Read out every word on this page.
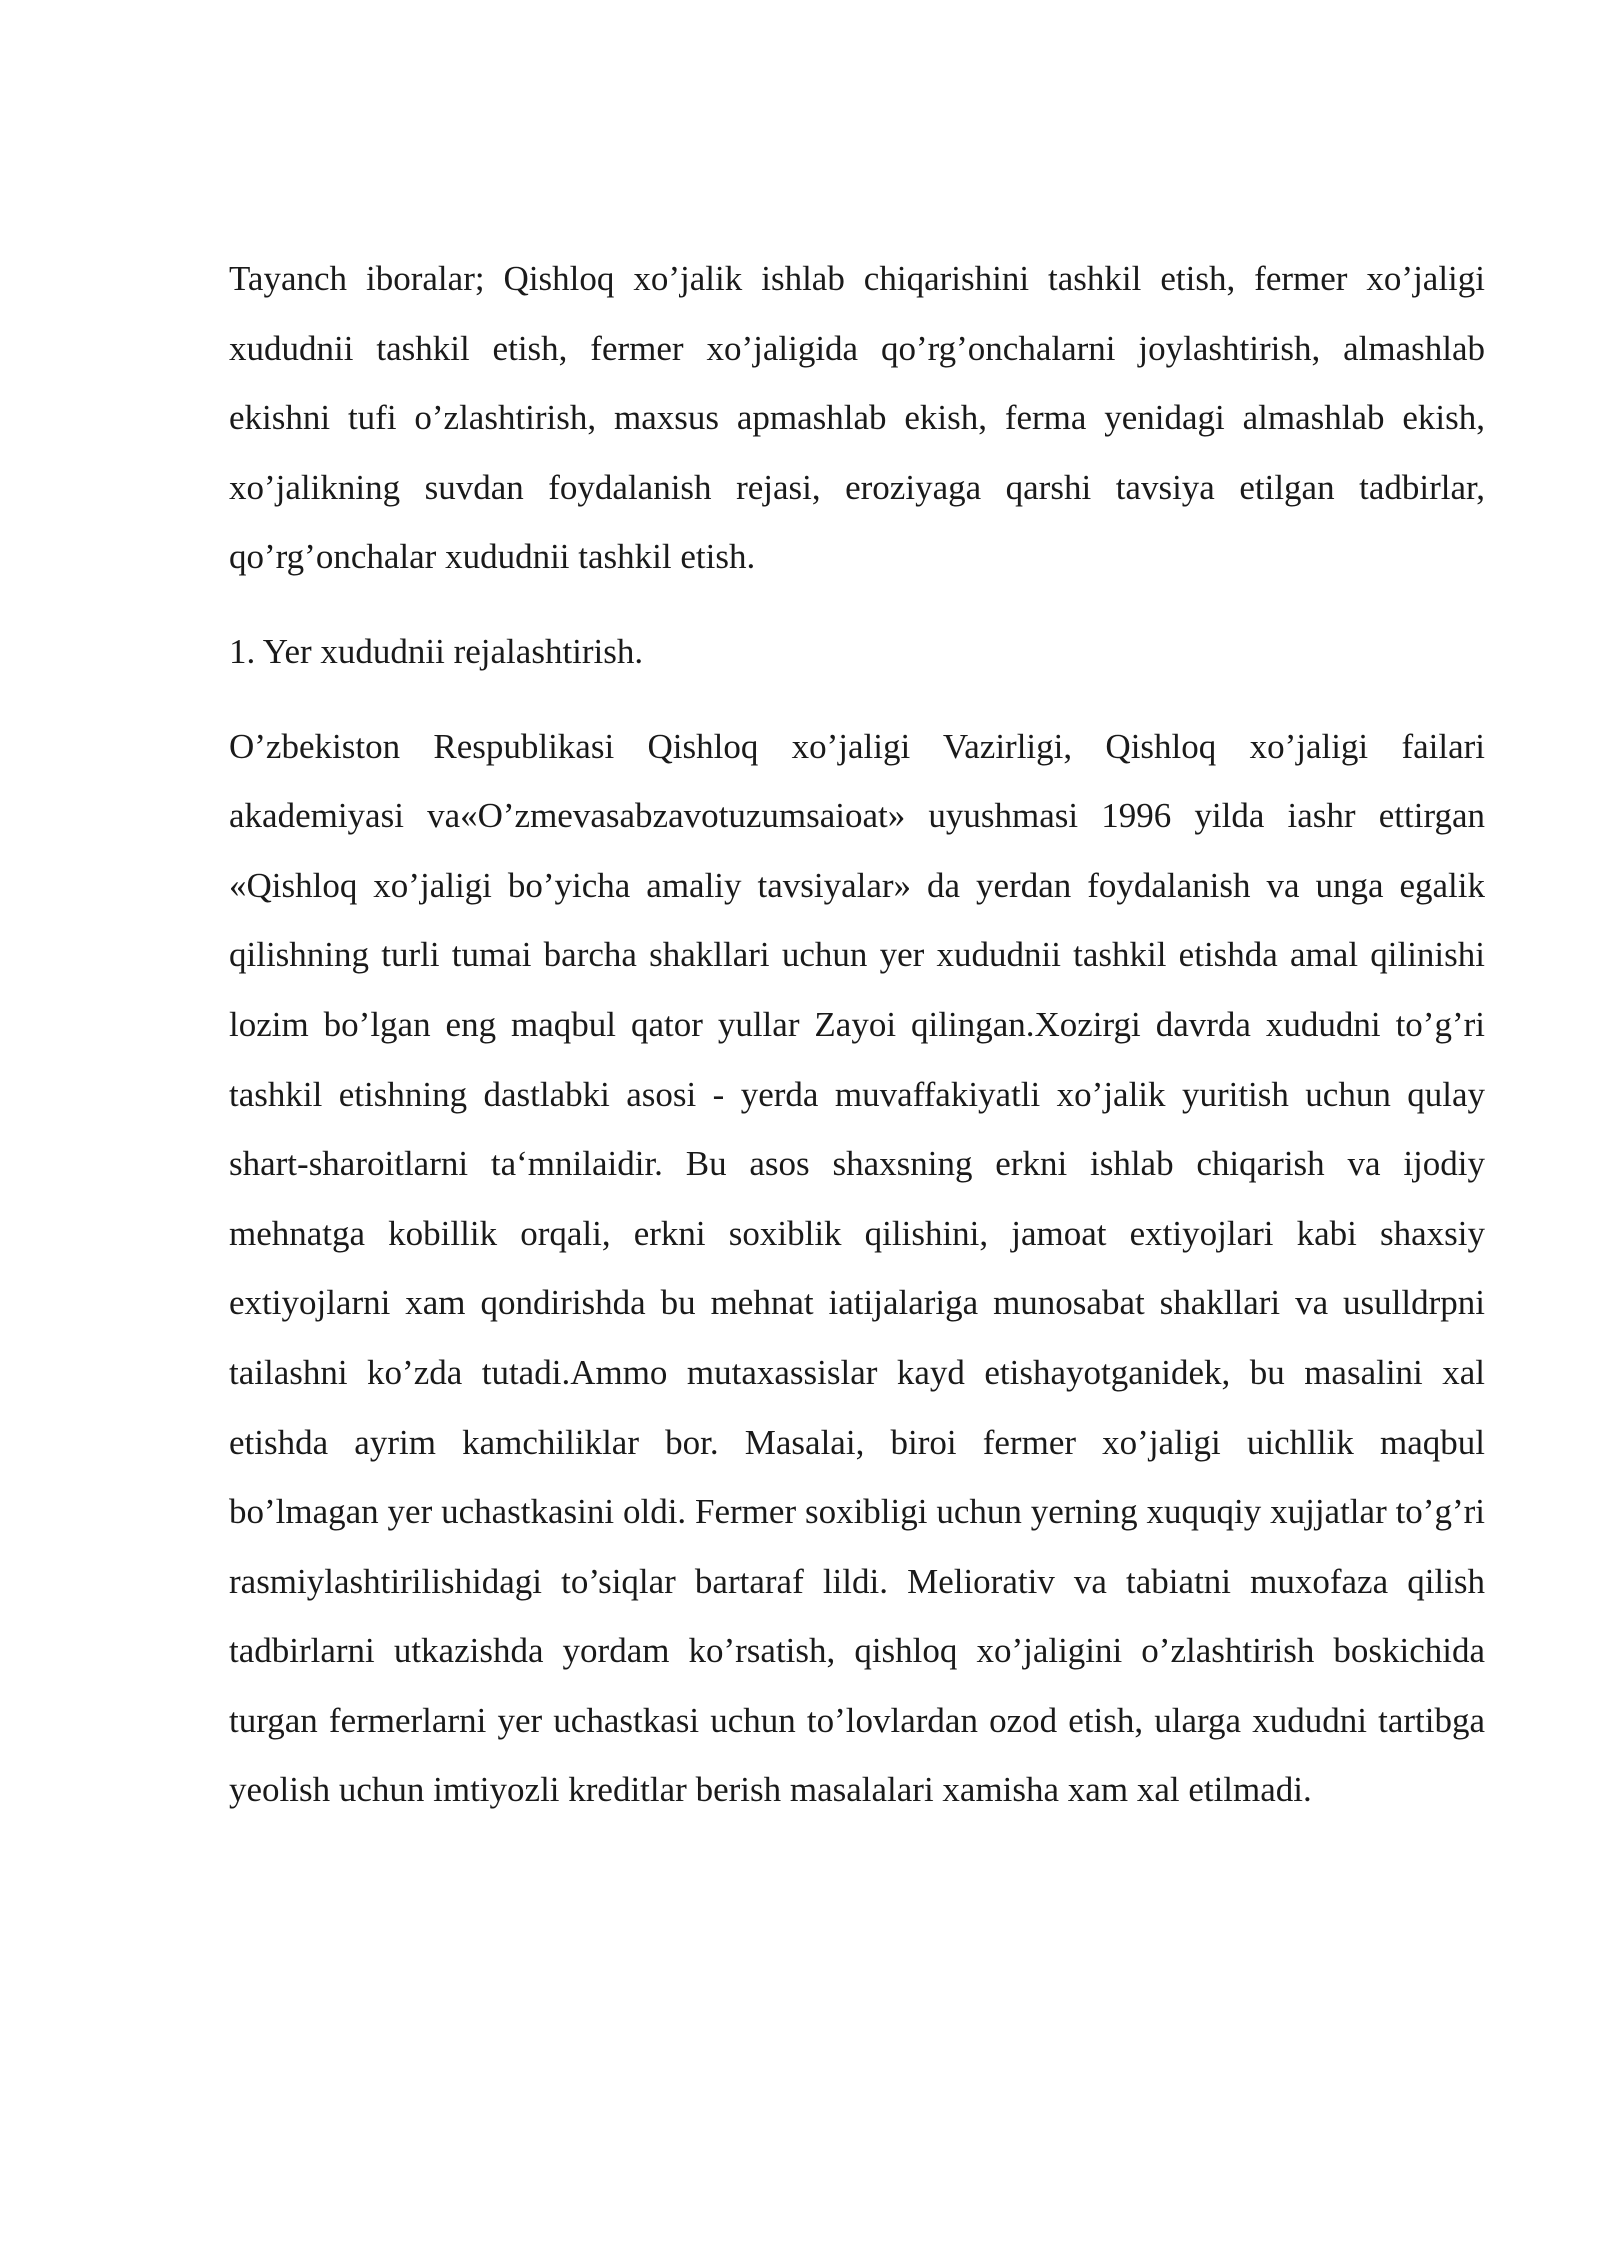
Tayanch iboralar; Qishloq xo’jalik ishlab chiqarishini tashkil etish, fermer xo’jaligi xududnii tashkil etish, fermer xo’jaligida qo’rg’onchalarni joylashtirish, almashlab ekishni tufi o’zlashtirish, maxsus apmashlab ekish, ferma yenidagi almashlab ekish, xo’jalikning suvdan foydalanish rejasi, eroziyaga qarshi tavsiya etilgan tadbirlar, qo’rg’onchalar xududnii tashkil etish.

1. Yer xududnii rejalashtirish.

O’zbekiston Respublikasi Qishloq xo’jaligi Vazirligi, Qishloq xo’jaligi failari akademiyasi va«O’zmevasabzavotuzumsaioat» uyushmasi 1996 yilda iashr ettirgan «Qishloq xo’jaligi bo’yicha amaliy tavsiyalar» da yerdan foydalanish va unga egalik qilishning turli tumai barcha shakllari uchun yer xududnii tashkil etishda amal qilinishi lozim bo’lgan eng maqbul qator yullar Zayoi qilingan.Xozirgi davrda xududni to’g’ri tashkil etishning dastlabki asosi - yerda muvaffakiyatli xo’jalik yuritish uchun qulay shart-sharoitlarni ta‘mnilaidir. Bu asos shaxsning erkni ishlab chiqarish va ijodiy mehnatga kobillik orqali, erkni soxiblik qilishini, jamoat extiyojlari kabi shaxsiy extiyojlarni xam qondirishda bu mehnat iatijalariga munosabat shakllari va usulldrpni tailashni ko’zda tutadi.Ammo mutaxassislar kayd etishayotganidek, bu masalini xal etishda ayrim kamchiliklar bor. Masalai, biroi fermer xo’jaligi uichllik maqbul bo’lmagan yer uchastkasini oldi. Fermer soxibligi uchun yerning xuquqiy xujjatlar to’g’ri rasmiylashtirilishidagi to’siqlar bartaraf lildi. Meliorativ va tabiatni muxofaza qilish tadbirlarni utkazishda yordam ko’rsatish, qishloq xo’jaligini o’zlashtirish boskichida turgan fermerlarni yer uchastkasi uchun to’lovlardan ozod etish, ularga xududni tartibga yeolish uchun imtiyozli kreditlar berish masalalari xamisha xam xal etilmadi.
